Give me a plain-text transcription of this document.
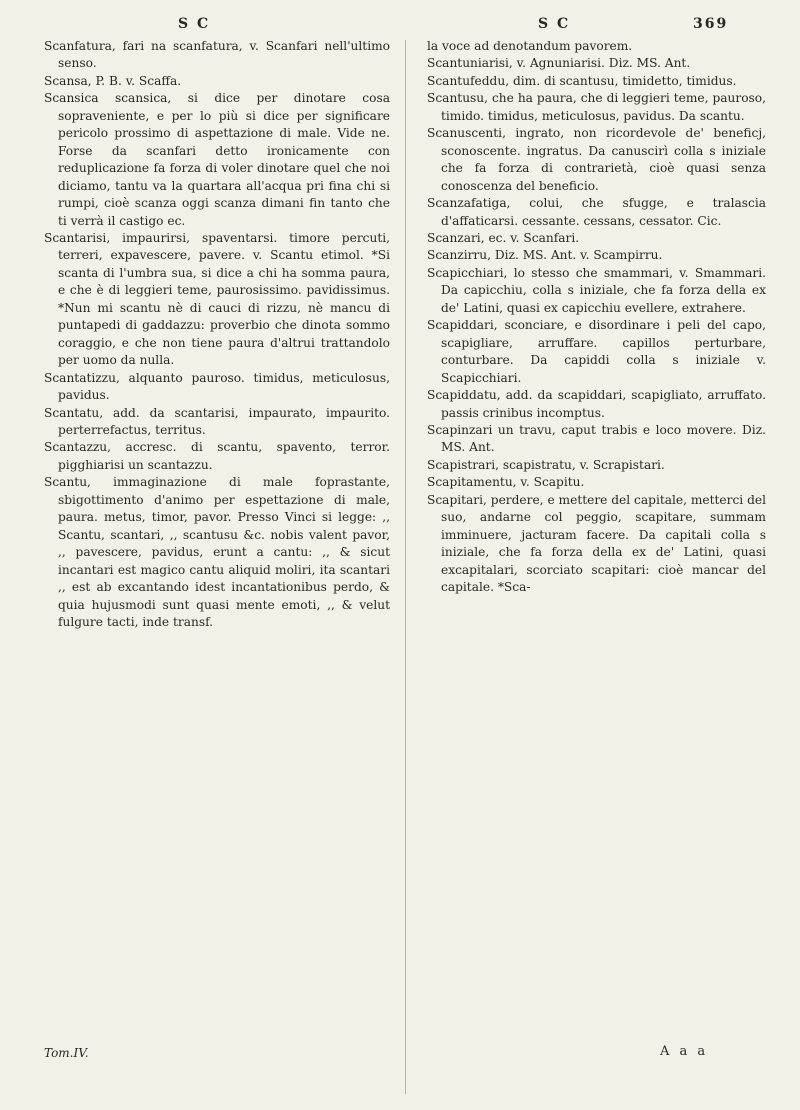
S C	S C	369

Scanfatura, fari na scanfatura, v. Scanfari nell'ultimo senso.

Scansa, P. B. v. Scaffa.

Scansica scansica, si dice per dinotare cosa sopraveniente, e per lo più si dice per significare pericolo prossimo di aspettazione di male. Vide ne. Forse da scanfari detto ironicamente con reduplicazione fa forza di voler dinotare quel che noi diciamo, tantu va la quartara all'acqua pri fina chi si rumpi, cioè scanza oggi scanza dimani fin tanto che ti verrà il castigo ec.

Scantarisi, impaurirsi, spaventarsi. timore percuti, terreri, expavescere, pavere. v. Scantu etimol. *Si scanta di l'umbra sua, si dice a chi ha somma paura, e che è di leggieri teme, paurosissimo. pavidissimus. *Nun mi scantu nè di cauci di rizzu, nè mancu di puntapedi di gaddazzu: proverbio che dinota sommo coraggio, e che non tiene paura d'altrui trattandolo per uomo da nulla.

Scantatizzu, alquanto pauroso. timidus, meticulosus, pavidus.

Scantatu, add. da scantarisi, impaurato, impaurito. perterrefactus, territus.

Scantazzu, accresc. di scantu, spavento, terror. pigghiarisi un scantazzu.

Scantu, immaginazione di male foprastante, sbigottimento d'animo per espettazione di male, paura. metus, timor, pavor. Presso Vinci si legge: ,, Scantu, scantari, ,, scantusu &c. nobis valent pavor, ,, pavescere, pavidus, erunt a cantu: ,, & sicut incantari est magico cantu aliquid moliri, ita scantari ,, est ab excantando idest incantationibus perdo, & quia hujusmodi sunt quasi mente emoti, ,, & velut fulgure tacti, inde transf.

la voce ad denotandum pavorem.

Scantuniarisi, v. Agnuniarisi. Diz. MS. Ant.

Scantufeddu, dim. di scantusu, timidetto, timidus.

Scantusu, che ha paura, che di leggieri teme, pauroso, timido. timidus, meticulosus, pavidus. Da scantu.

Scanuscenti, ingrato, non ricordevole de' beneficj, sconoscente. ingratus. Da canuscirì colla s iniziale che fa forza di contrarietà, cioè quasi senza conoscenza del beneficio.

Scanzafatiga, colui, che sfugge, e tralascia d'affaticarsi. cessante. cessans, cessator. Cic.

Scanzari, ec. v. Scanfari.

Scanzirru, Diz. MS. Ant. v. Scampirru.

Scapicchiari, lo stesso che smammari, v. Smammari. Da capicchiu, colla s iniziale, che fa forza della ex de' Latini, quasi ex capicchiu evellere, extrahere.

Scapiddari, sconciare, e disordinare i peli del capo, scapigliare, arruffare. capillos perturbare, conturbare. Da capiddi colla s iniziale v. Scapicchiari.

Scapiddatu, add. da scapiddari, scapigliato, arruffato. passis crinibus incomptus.

Scapinzari un travu, caput trabis e loco movere. Diz. MS. Ant.

Scapistrari, scapistratu, v. Scrapistari.

Scapitamentu, v. Scapitu.

Scapitari, perdere, e mettere del capitale, metterci del suo, andarne col peggio, scapitare, summam imminuere, jacturam facere. Da capitali colla s iniziale, che fa forza della ex de' Latini, quasi excapitalari, scorciato scapitari: cioè mancar del capitale. *Sca-

Tom.IV.	A a a
